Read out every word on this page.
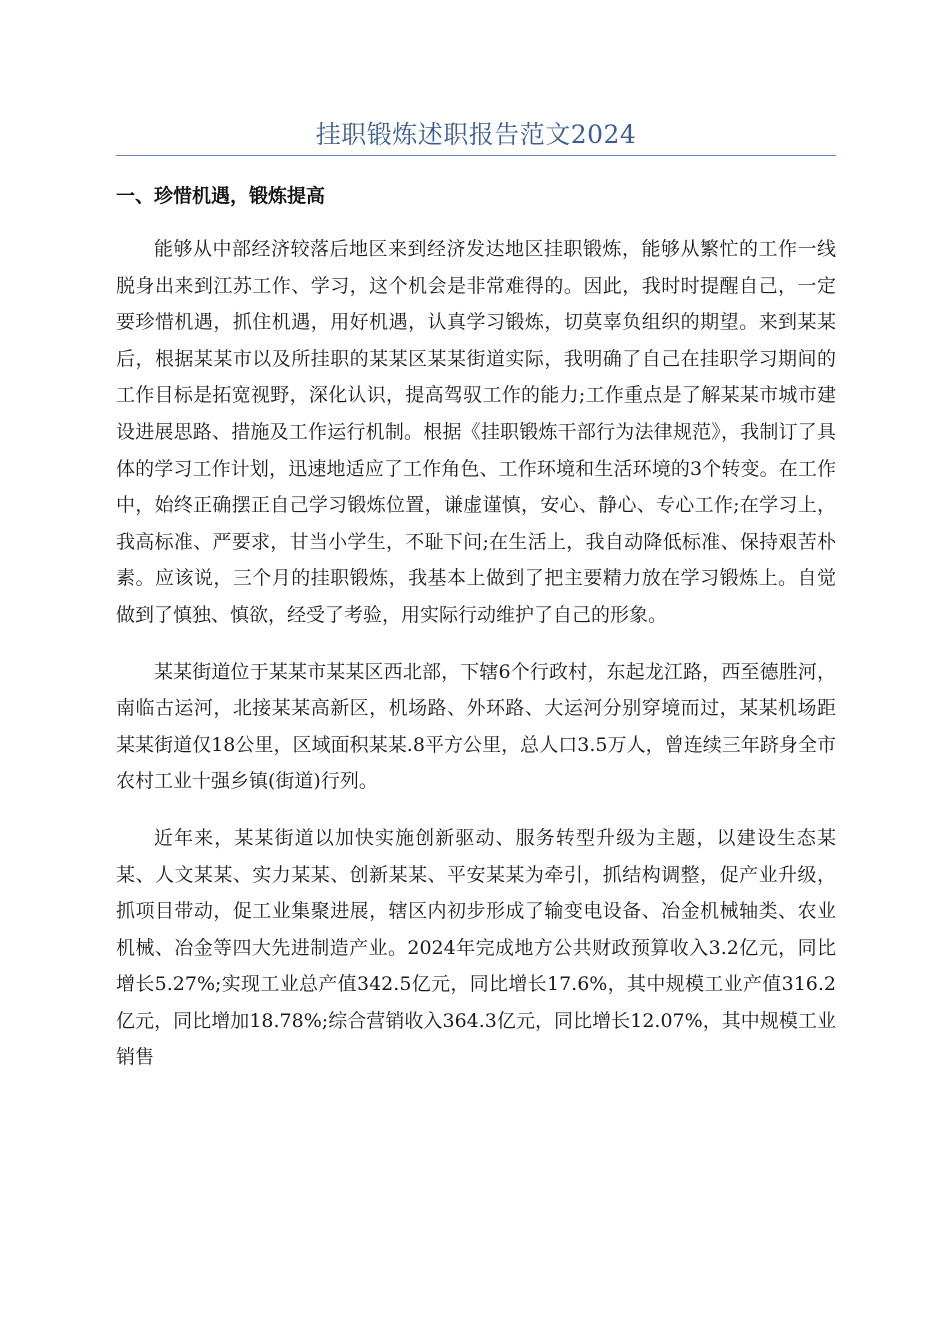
挂职锻炼述职报告范文2024
一、珍惜机遇，锻炼提高

能够从中部经济较落后地区来到经济发达地区挂职锻炼，能够从繁忙的工作一线脱身出来到江苏工作、学习，这个机会是非常难得的。因此，我时时提醒自己，一定要珍惜机遇，抓住机遇，用好机遇，认真学习锻炼，切莫辜负组织的期望。来到某某后，根据某某市以及所挂职的某某区某某街道实际，我明确了自己在挂职学习期间的工作目标是拓宽视野，深化认识，提高驾驭工作的能力;工作重点是了解某某市城市建设进展思路、措施及工作运行机制。根据《挂职锻炼干部行为法律规范》，我制订了具体的学习工作计划，迅速地适应了工作角色、工作环境和生活环境的3个转变。在工作中，始终正确摆正自己学习锻炼位置，谦虚谨慎，安心、静心、专心工作;在学习上，我高标准、严要求，甘当小学生，不耻下问;在生活上，我自动降低标准、保持艰苦朴素。应该说，三个月的挂职锻炼，我基本上做到了把主要精力放在学习锻炼上。自觉做到了慎独、慎欲，经受了考验，用实际行动维护了自己的形象。

某某街道位于某某市某某区西北部，下辖6个行政村，东起龙江路，西至德胜河，南临古运河，北接某某高新区，机场路、外环路、大运河分别穿境而过，某某机场距某某街道仅18公里，区域面积某某.8平方公里，总人口3.5万人，曾连续三年跻身全市农村工业十强乡镇(街道)行列。

近年来，某某街道以加快实施创新驱动、服务转型升级为主题，以建设生态某某、人文某某、实力某某、创新某某、平安某某为牵引，抓结构调整，促产业升级，抓项目带动，促工业集聚进展，辖区内初步形成了输变电设备、冶金机械轴类、农业机械、冶金等四大先进制造产业。2024年完成地方公共财政预算收入3.2亿元，同比增长5.27%;实现工业总产值342.5亿元，同比增长17.6%，其中规模工业产值316.2亿元，同比增加18.78%;综合营销收入364.3亿元，同比增长12.07%，其中规模工业销售
